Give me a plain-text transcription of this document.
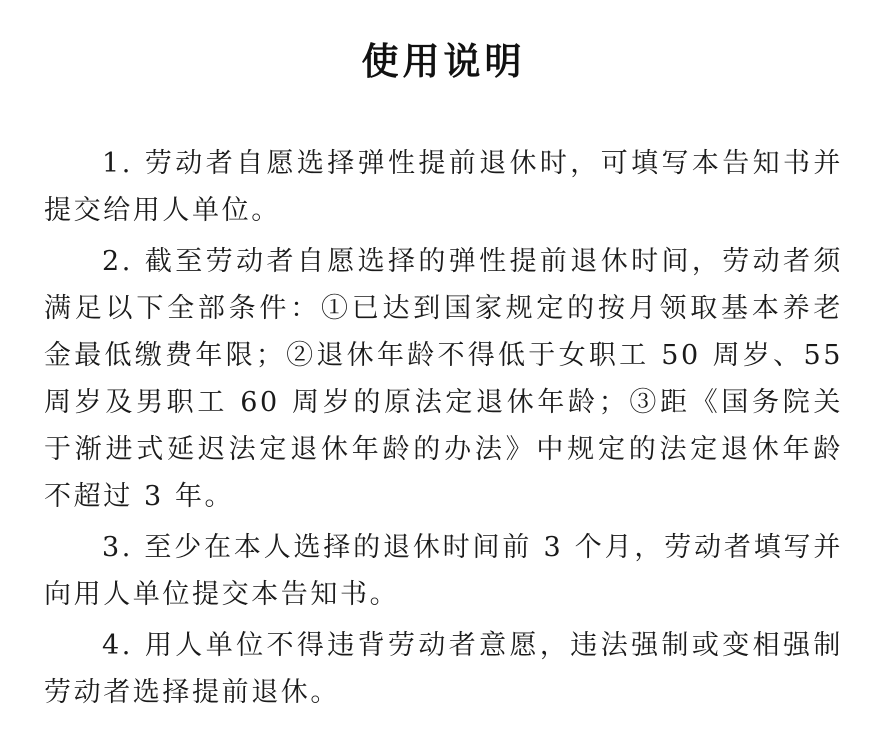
使用说明

1. 劳动者自愿选择弹性提前退休时，可填写本告知书并提交给用人单位。

2. 截至劳动者自愿选择的弹性提前退休时间，劳动者须满足以下全部条件：①已达到国家规定的按月领取基本养老金最低缴费年限；②退休年龄不得低于女职工 50 周岁、55 周岁及男职工 60 周岁的原法定退休年龄；③距《国务院关于渐进式延迟法定退休年龄的办法》中规定的法定退休年龄不超过 3 年。

3. 至少在本人选择的退休时间前 3 个月，劳动者填写并向用人单位提交本告知书。

4. 用人单位不得违背劳动者意愿，违法强制或变相强制劳动者选择提前退休。
